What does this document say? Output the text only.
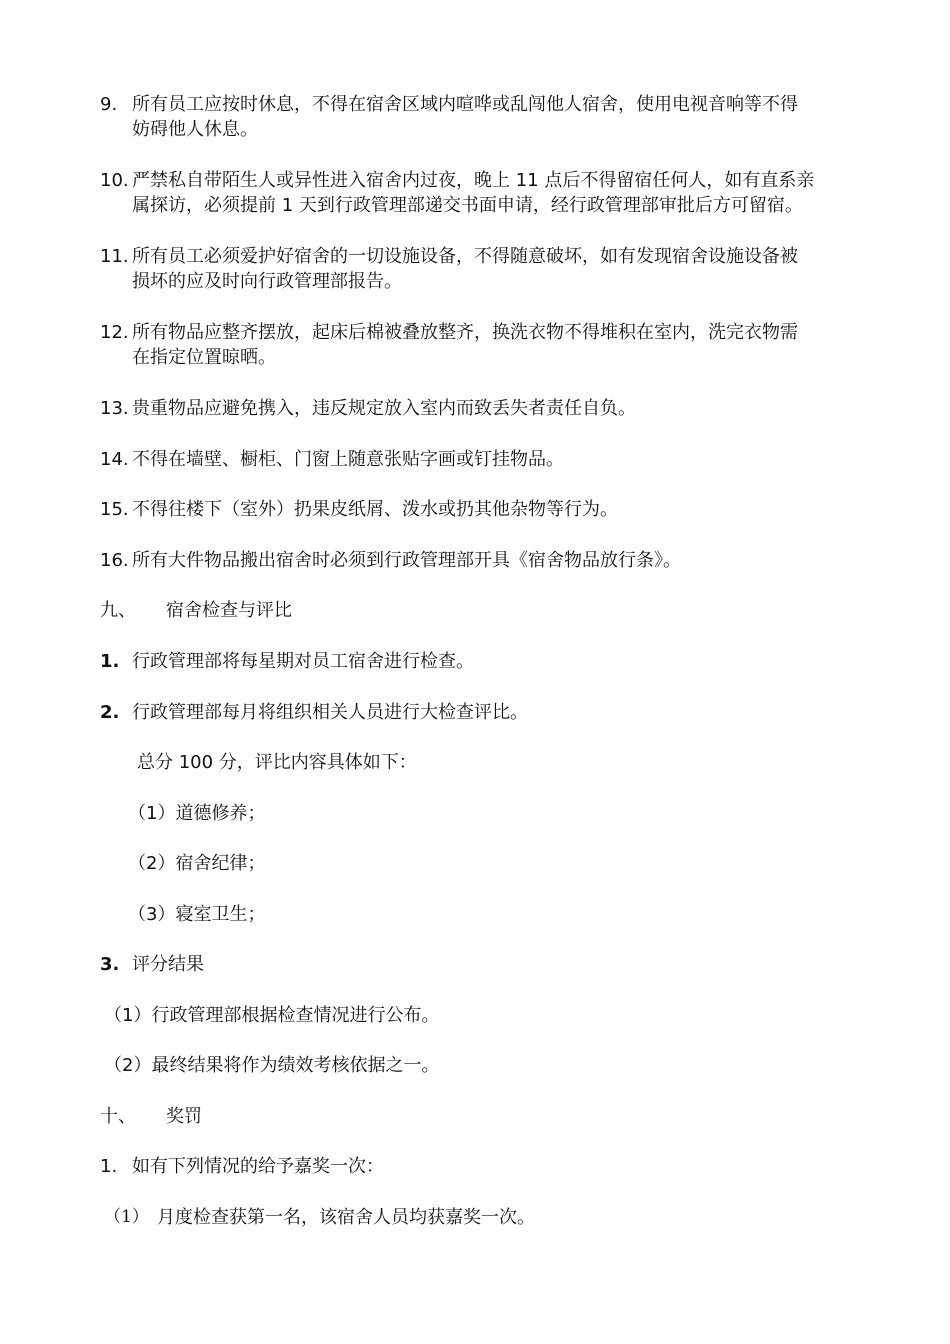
9. 所有员工应按时休息，不得在宿舍区域内喧哗或乱闯他人宿舍，使用电视音响等不得
妨碍他人休息。
10. 严禁私自带陌生人或异性进入宿舍内过夜，晚上 11 点后不得留宿任何人，如有直系亲
属探访，必须提前 1 天到行政管理部递交书面申请，经行政管理部审批后方可留宿。
11. 所有员工必须爱护好宿舍的一切设施设备，不得随意破坏，如有发现宿舍设施设备被
损坏的应及时向行政管理部报告。
12. 所有物品应整齐摆放，起床后棉被叠放整齐，换洗衣物不得堆积在室内，洗完衣物需
在指定位置晾晒。
13. 贵重物品应避免携入，违反规定放入室内而致丢失者责任自负。
14. 不得在墙壁、橱柜、门窗上随意张贴字画或钉挂物品。
15. 不得往楼下（室外）扔果皮纸屑、泼水或扔其他杂物等行为。
16. 所有大件物品搬出宿舍时必须到行政管理部开具《宿舍物品放行条》。
九、 宿舍检查与评比
1. 行政管理部将每星期对员工宿舍进行检查。
2. 行政管理部每月将组织相关人员进行大检查评比。
总分 100 分，评比内容具体如下：
（1）道德修养；
（2）宿舍纪律；
（3）寝室卫生；
3. 评分结果
（1）行政管理部根据检查情况进行公布。
（2）最终结果将作为绩效考核依据之一。
十、 奖罚
1. 如有下列情况的给予嘉奖一次：
（1） 月度检查获第一名，该宿舍人员均获嘉奖一次。
